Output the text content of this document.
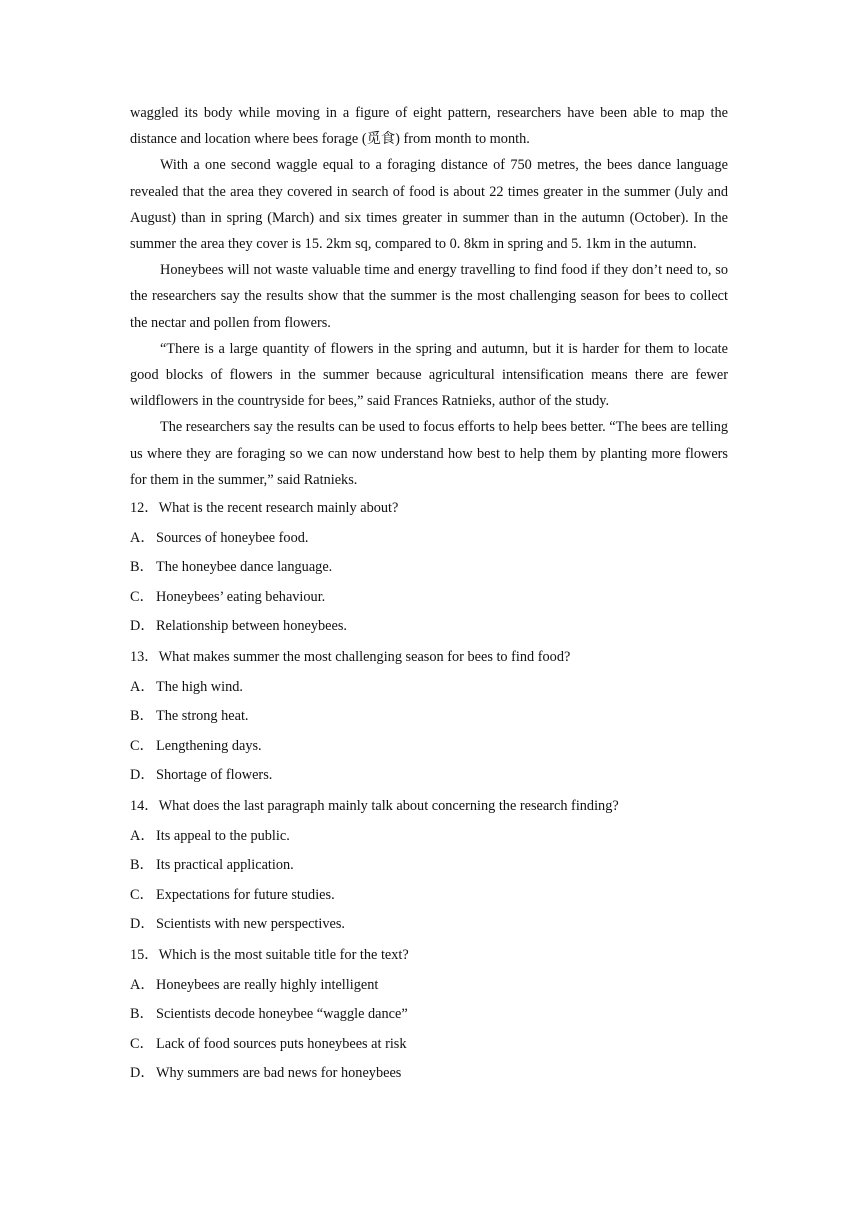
waggled its body while moving in a figure of eight pattern, researchers have been able to map the distance and location where bees forage (觅食) from month to month.

With a one second waggle equal to a foraging distance of 750 metres, the bees dance language revealed that the area they covered in search of food is about 22 times greater in the summer (July and August) than in spring (March) and six times greater in summer than in the autumn (October). In the summer the area they cover is 15. 2km sq, compared to 0. 8km in spring and 5. 1km in the autumn.

Honeybees will not waste valuable time and energy travelling to find food if they don’t need to, so the researchers say the results show that the summer is the most challenging season for bees to collect the nectar and pollen from flowers.

“There is a large quantity of flowers in the spring and autumn, but it is harder for them to locate good blocks of flowers in the summer because agricultural intensification means there are fewer wildflowers in the countryside for bees,” said Frances Ratnieks, author of the study.

The researchers say the results can be used to focus efforts to help bees better. “The bees are telling us where they are foraging so we can now understand how best to help them by planting more flowers for them in the summer,” said Ratnieks.

12．What is the recent research mainly about?

A．Sources of honeybee food.

B． The honeybee dance language.

C． Honeybees’ eating behaviour.

D．Relationship between honeybees.

13．What makes summer the most challenging season for bees to find food?

A．The high wind.

B． The strong heat.

C． Lengthening days.

D．Shortage of flowers.

14．What does the last paragraph mainly talk about concerning the research finding?

A．Its appeal to the public.

B． Its practical application.

C． Expectations for future studies.

D．Scientists with new perspectives.

15．Which is the most suitable title for the text?

A．Honeybees are really highly intelligent

B． Scientists decode honeybee “waggle dance”

C． Lack of food sources puts honeybees at risk

D．Why summers are bad news for honeybees
